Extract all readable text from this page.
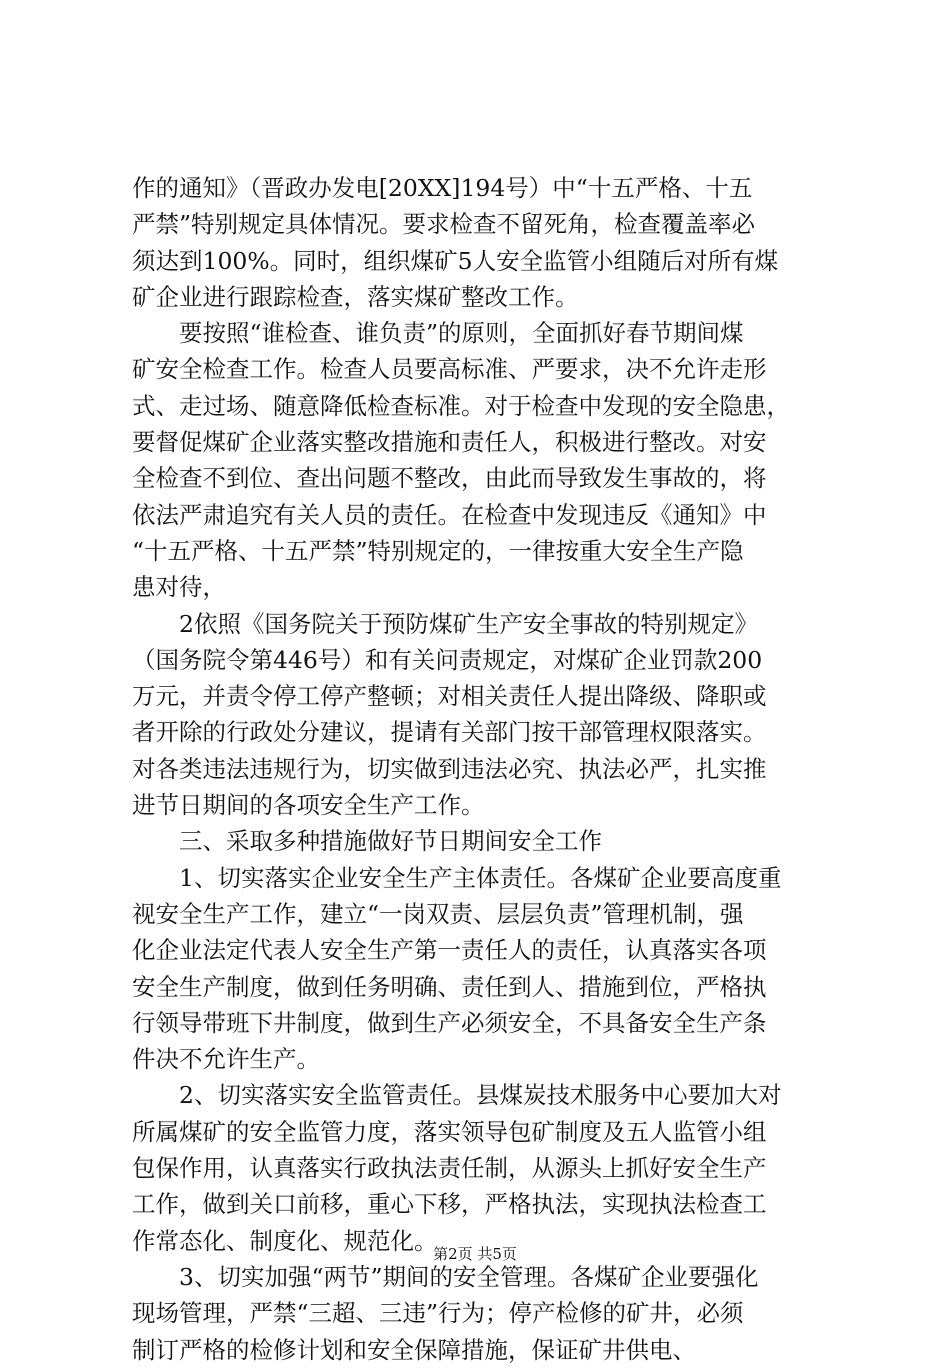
作的通知》（晋政办发电[20XX]194号）中“十五严格、十五
严禁”特别规定具体情况。要求检查不留死角，检查覆盖率必
须达到100%。同时，组织煤矿5人安全监管小组随后对所有煤
矿企业进行跟踪检查，落实煤矿整改工作。
　　要按照“谁检查、谁负责”的原则，全面抓好春节期间煤
矿安全检查工作。检查人员要高标准、严要求，决不允许走形
式、走过场、随意降低检查标准。对于检查中发现的安全隐患，
要督促煤矿企业落实整改措施和责任人，积极进行整改。对安
全检查不到位、查出问题不整改，由此而导致发生事故的，将
依法严肃追究有关人员的责任。在检查中发现违反《通知》中
“十五严格、十五严禁”特别规定的，一律按重大安全生产隐
患对待，
　　2依照《国务院关于预防煤矿生产安全事故的特别规定》
（国务院令第446号）和有关问责规定，对煤矿企业罚款200
万元，并责令停工停产整顿；对相关责任人提出降级、降职或
者开除的行政处分建议，提请有关部门按干部管理权限落实。
对各类违法违规行为，切实做到违法必究、执法必严，扎实推
进节日期间的各项安全生产工作。
　　三、采取多种措施做好节日期间安全工作
　　1、切实落实企业安全生产主体责任。各煤矿企业要高度重
视安全生产工作，建立“一岗双责、层层负责”管理机制，强
化企业法定代表人安全生产第一责任人的责任，认真落实各项
安全生产制度，做到任务明确、责任到人、措施到位，严格执
行领导带班下井制度，做到生产必须安全，不具备安全生产条
件决不允许生产。
　　2、切实落实安全监管责任。县煤炭技术服务中心要加大对
所属煤矿的安全监管力度，落实领导包矿制度及五人监管小组
包保作用，认真落实行政执法责任制，从源头上抓好安全生产
工作，做到关口前移，重心下移，严格执法，实现执法检查工
作常态化、制度化、规范化。
　　3、切实加强“两节”期间的安全管理。各煤矿企业要强化
现场管理，严禁“三超、三违”行为；停产检修的矿井，必须
制订严格的检修计划和安全保障措施，保证矿井供电、
第2页 共5页
